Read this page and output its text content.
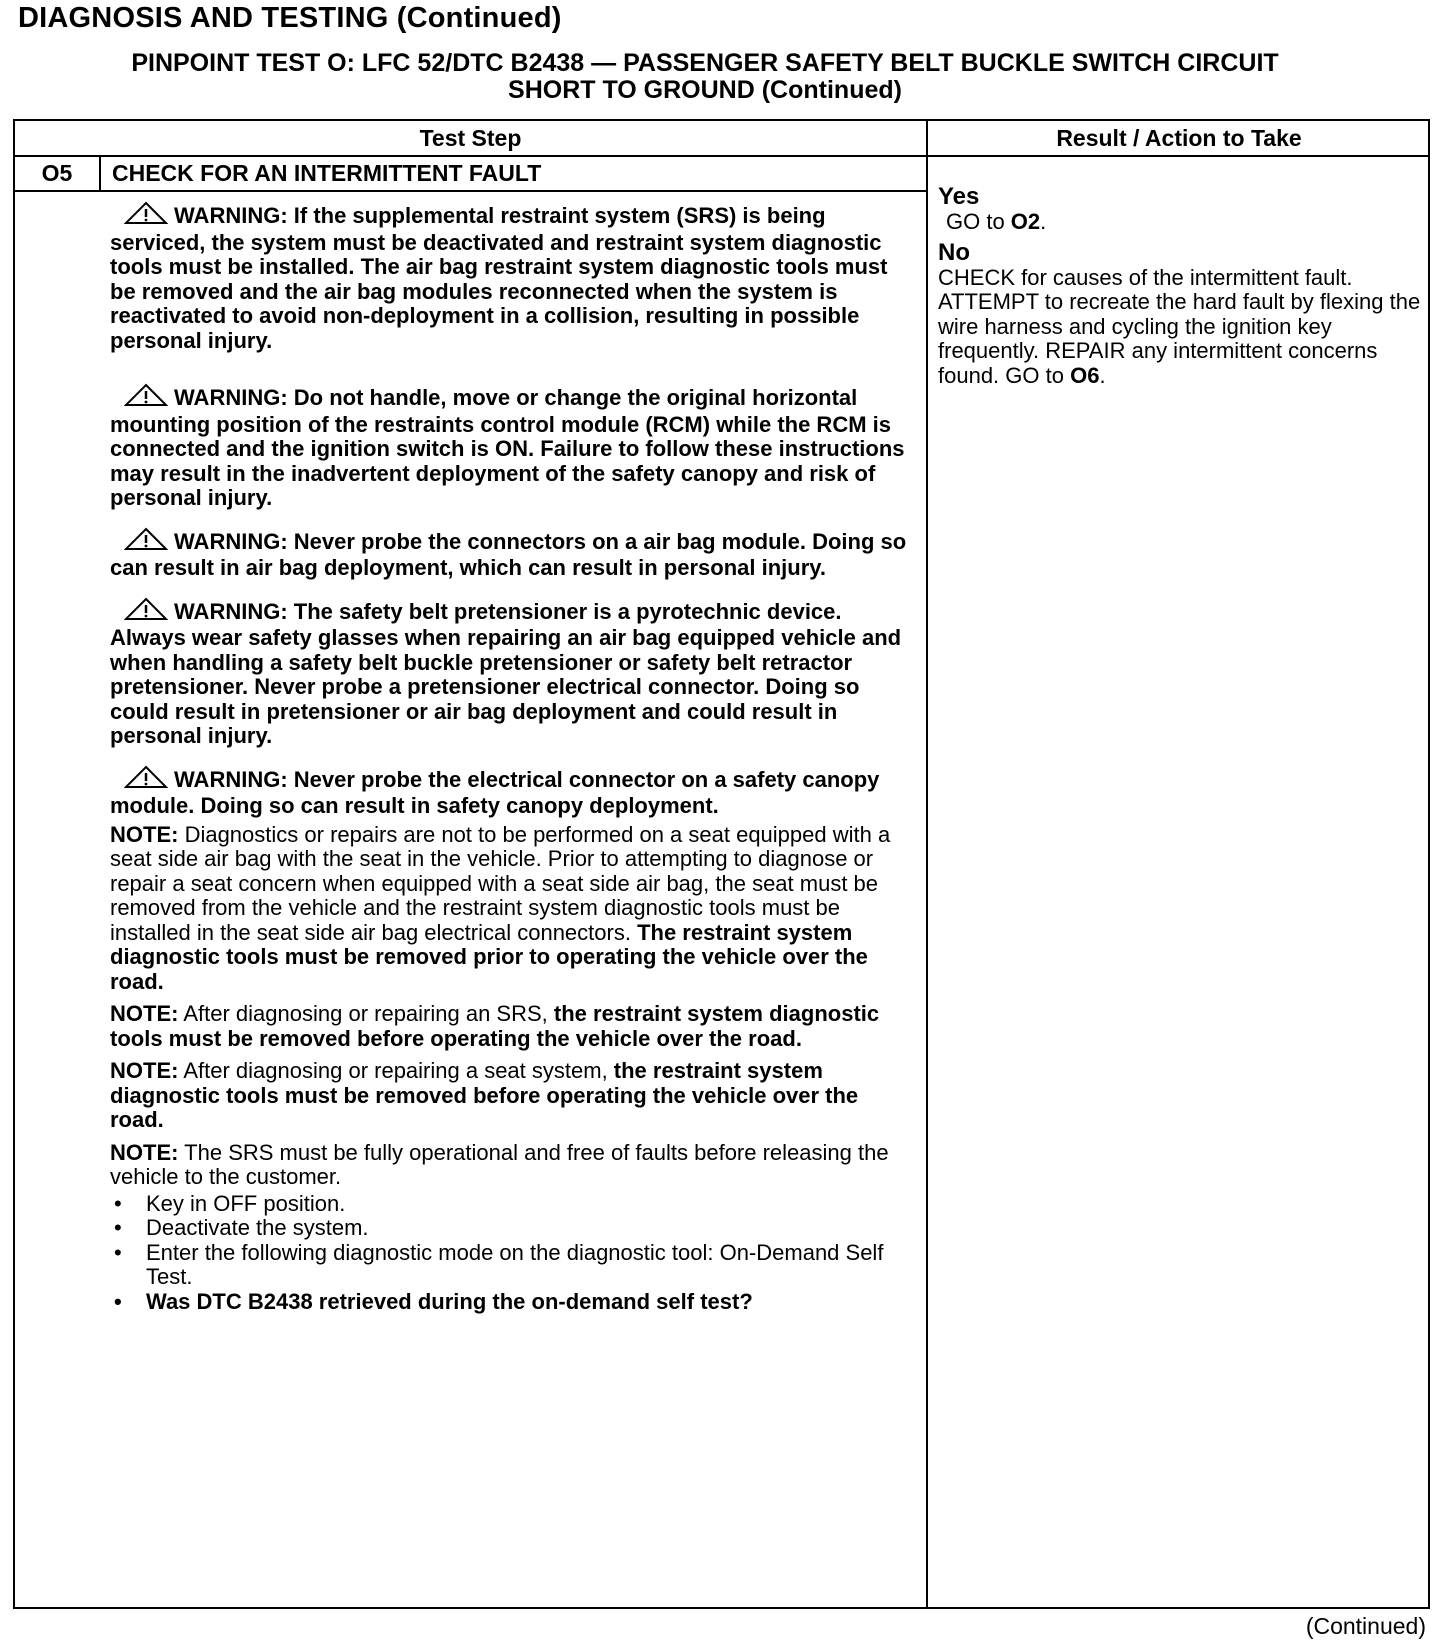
DIAGNOSIS AND TESTING (Continued)
PINPOINT TEST O: LFC 52/DTC B2438 — PASSENGER SAFETY BELT BUCKLE SWITCH CIRCUIT
SHORT TO GROUND (Continued)
Test Step	Result / Action to Take
O5	CHECK FOR AN INTERMITTENT FAULT

WARNING: If the supplemental restraint system (SRS) is being serviced, the system must be deactivated and restraint system diagnostic tools must be installed. The air bag restraint system diagnostic tools must be removed and the air bag modules reconnected when the system is reactivated to avoid non-deployment in a collision, resulting in possible personal injury.

WARNING: Do not handle, move or change the original horizontal mounting position of the restraints control module (RCM) while the RCM is connected and the ignition switch is ON. Failure to follow these instructions may result in the inadvertent deployment of the safety canopy and risk of personal injury.

WARNING: Never probe the connectors on a air bag module. Doing so can result in air bag deployment, which can result in personal injury.

WARNING: The safety belt pretensioner is a pyrotechnic device. Always wear safety glasses when repairing an air bag equipped vehicle and when handling a safety belt buckle pretensioner or safety belt retractor pretensioner. Never probe a pretensioner electrical connector. Doing so could result in pretensioner or air bag deployment and could result in personal injury.

WARNING: Never probe the electrical connector on a safety canopy module. Doing so can result in safety canopy deployment.

NOTE: Diagnostics or repairs are not to be performed on a seat equipped with a seat side air bag with the seat in the vehicle. Prior to attempting to diagnose or repair a seat concern when equipped with a seat side air bag, the seat must be removed from the vehicle and the restraint system diagnostic tools must be installed in the seat side air bag electrical connectors. The restraint system diagnostic tools must be removed prior to operating the vehicle over the road.

NOTE: After diagnosing or repairing an SRS, the restraint system diagnostic tools must be removed before operating the vehicle over the road.

NOTE: After diagnosing or repairing a seat system, the restraint system diagnostic tools must be removed before operating the vehicle over the road.

NOTE: The SRS must be fully operational and free of faults before releasing the vehicle to the customer.

• Key in OFF position.
• Deactivate the system.
• Enter the following diagnostic mode on the diagnostic tool: On-Demand Self Test.
• Was DTC B2438 retrieved during the on-demand self test?

Yes

GO to O2.

No

CHECK for causes of the intermittent fault. ATTEMPT to recreate the hard fault by flexing the wire harness and cycling the ignition key frequently. REPAIR any intermittent concerns found. GO to O6.

(Continued)
